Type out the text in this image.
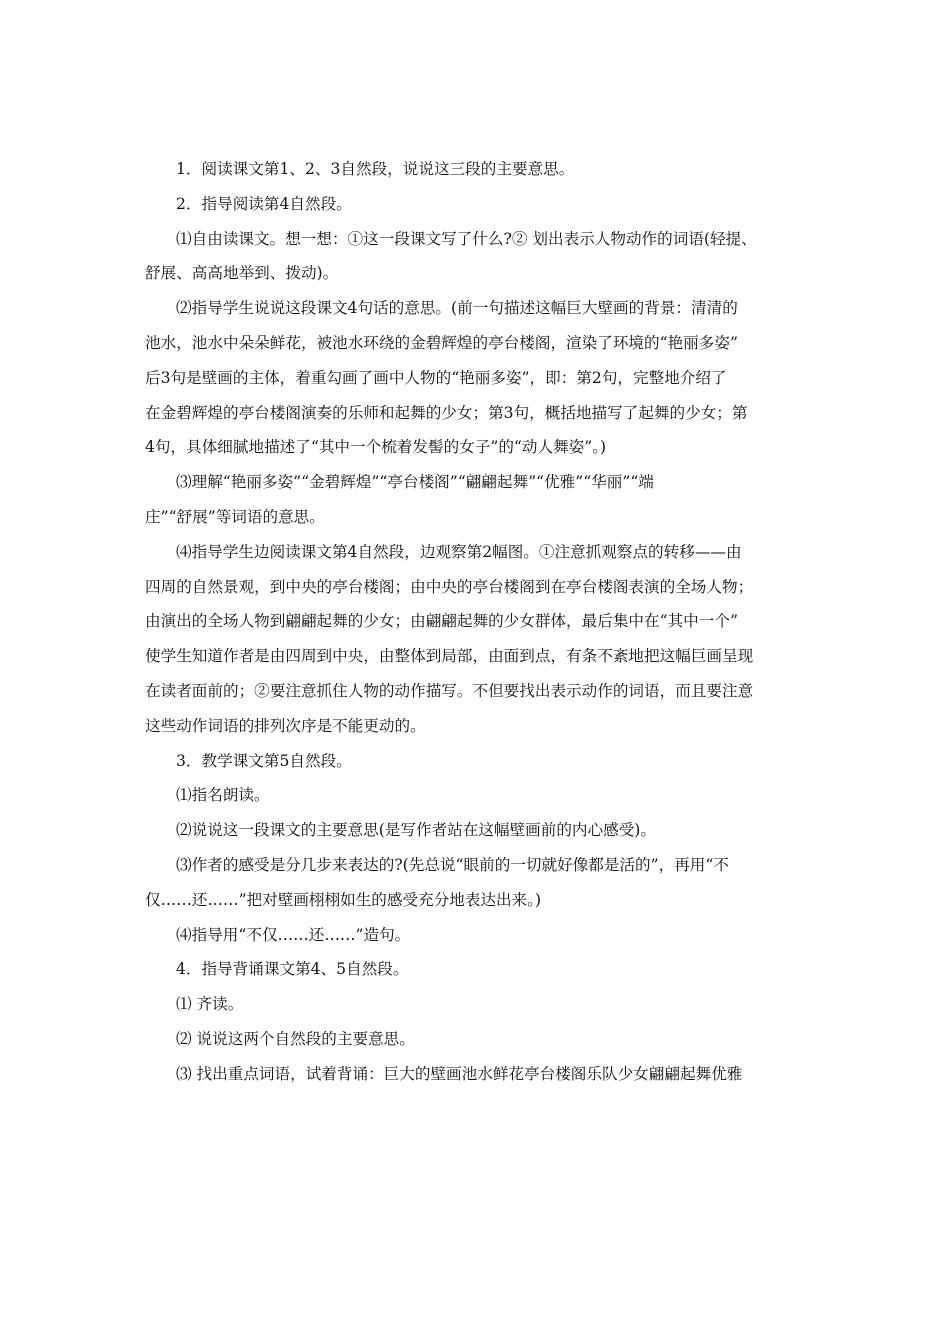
1．阅读课文第1、2、3自然段，说说这三段的主要意思。
2．指导阅读第4自然段。
⑴自由读课文。想一想：①这一段课文写了什么?② 划出表示人物动作的词语(轻提、
舒展、高高地举到、拨动)。
⑵指导学生说说这段课文4句话的意思。(前一句描述这幅巨大壁画的背景：清清的
池水，池水中朵朵鲜花，被池水环绕的金碧辉煌的亭台楼阁，渲染了环境的“艳丽多姿”
后3句是壁画的主体，着重勾画了画中人物的“艳丽多姿”，即：第2句，完整地介绍了
在金碧辉煌的亭台楼阁演奏的乐师和起舞的少女；第3句，概括地描写了起舞的少女；第
4句，具体细腻地描述了“其中一个梳着发髻的女子”的“动人舞姿”。)
⑶理解“艳丽多姿”“金碧辉煌”“亭台楼阁”“翩翩起舞”“优雅”“华丽”“端
庄”“舒展”等词语的意思。
⑷指导学生边阅读课文第4自然段，边观察第2幅图。①注意抓观察点的转移——由
四周的自然景观，到中央的亭台楼阁；由中央的亭台楼阁到在亭台楼阁表演的全场人物；
由演出的全场人物到翩翩起舞的少女；由翩翩起舞的少女群体，最后集中在“其中一个”
使学生知道作者是由四周到中央，由整体到局部，由面到点，有条不紊地把这幅巨画呈现
在读者面前的；②要注意抓住人物的动作描写。不但要找出表示动作的词语，而且要注意
这些动作词语的排列次序是不能更动的。
3．教学课文第5自然段。
⑴指名朗读。
⑵说说这一段课文的主要意思(是写作者站在这幅壁画前的内心感受)。
⑶作者的感受是分几步来表达的?(先总说“眼前的一切就好像都是活的”，再用“不
仅……还……”把对壁画栩栩如生的感受充分地表达出来。)
⑷指导用“不仅……还……”造句。
4．指导背诵课文第4、5自然段。
⑴ 齐读。
⑵ 说说这两个自然段的主要意思。
⑶ 找出重点词语，试着背诵：巨大的壁画池水鲜花亭台楼阁乐队少女翩翩起舞优雅
